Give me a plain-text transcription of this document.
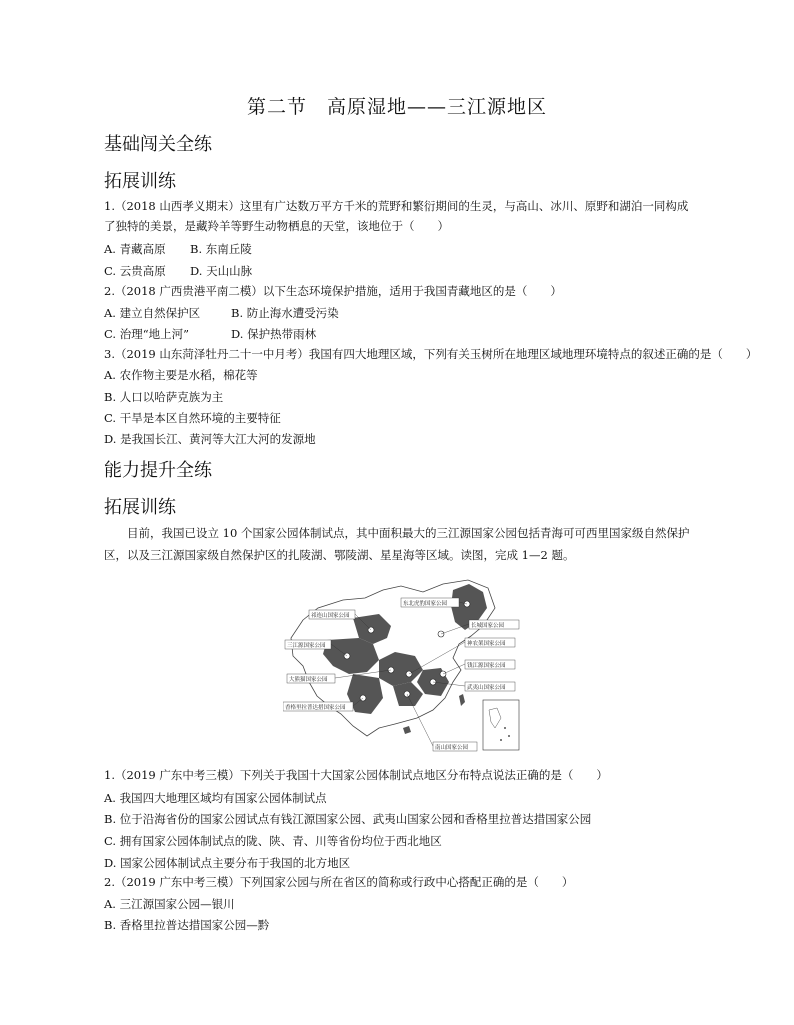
第二节　高原湿地——三江源地区
基础闯关全练
拓展训练
1.（2018 山西孝义期末）这里有广达数万平方千米的荒野和繁衍期间的生灵，与高山、冰川、原野和湖泊一同构成了独特的美景，是藏羚羊等野生动物栖息的天堂，该地位于（　　）
A. 青藏高原 B. 东南丘陵
C. 云贵高原 D. 天山山脉
2.（2018 广西贵港平南二模）以下生态环境保护措施，适用于我国青藏地区的是（　　）
A. 建立自然保护区	B. 防止海水遭受污染
C. 治理“地上河”	D. 保护热带雨林
3.（2019 山东菏泽牡丹二十一中月考）我国有四大地理区域，下列有关玉树所在地理区域地理环境特点的叙述正确的是（　　）
A. 农作物主要是水稻，棉花等
B. 人口以哈萨克族为主
C. 干旱是本区自然环境的主要特征
D. 是我国长江、黄河等大江大河的发源地
能力提升全练
拓展训练
目前，我国已设立 10 个国家公园体制试点，其中面积最大的三江源国家公园包括青海可可西里国家级自然保护区，以及三江源国家级自然保护区的扎陵湖、鄂陵湖、星星海等区域。读图，完成 1—2 题。
东北虎豹国家公园
祁连山国家公园
三江源国家公园
大熊猫国家公园
香格里拉普达措国家公园
长城国家公园
神农架国家公园
钱江源国家公园
武夷山国家公园
南山国家公园
1.（2019 广东中考三模）下列关于我国十大国家公园体制试点地区分布特点说法正确的是（　　）
A. 我国四大地理区域均有国家公园体制试点
B. 位于沿海省份的国家公园试点有钱江源国家公园、武夷山国家公园和香格里拉普达措国家公园
C. 拥有国家公园体制试点的陇、陕、青、川等省份均位于西北地区
D. 国家公园体制试点主要分布于我国的北方地区
2.（2019 广东中考三模）下列国家公园与所在省区的简称或行政中心搭配正确的是（　　）
A. 三江源国家公园—银川
B. 香格里拉普达措国家公园—黔
